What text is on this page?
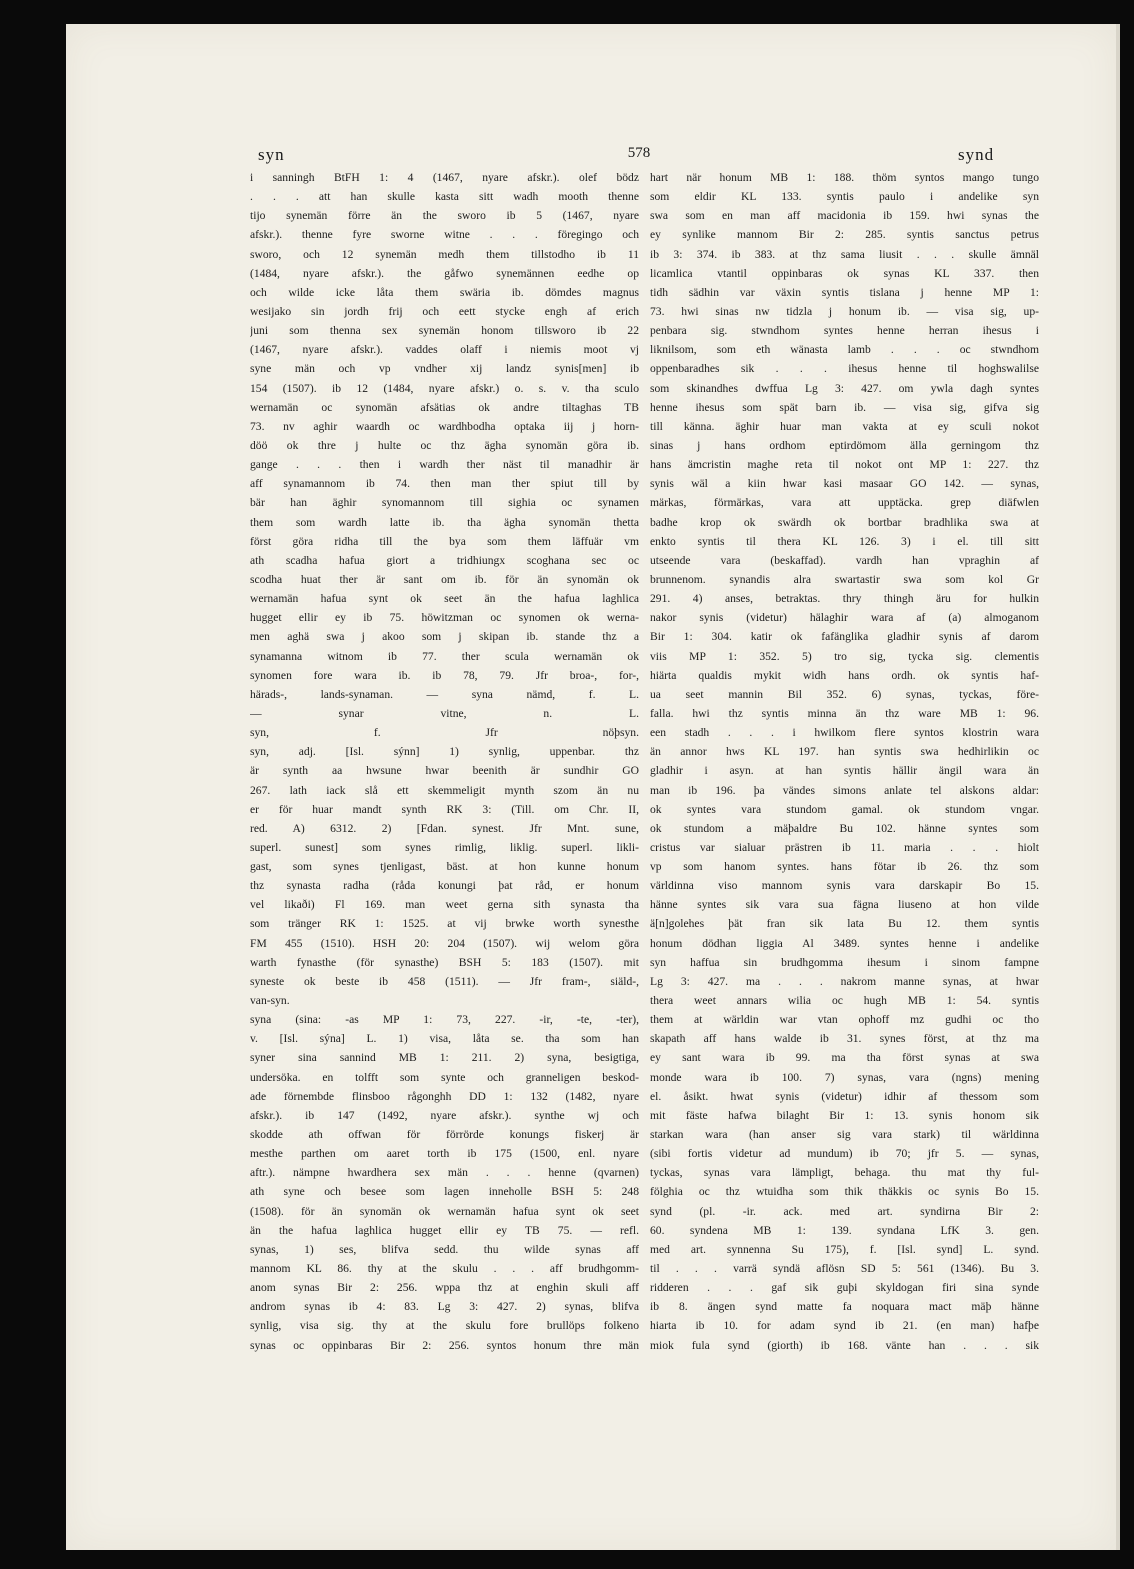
syn	578	synd
i sanningh BtFH 1: 4 (1467, nyare afskr.). olef bödz
. . . att han skulle kasta sitt wadh mooth thenne
tijo synemän förre än the sworo ib 5 (1467, nyare
afskr.). thenne fyre sworne witne . . . föregingo och
sworo, och 12 synemän medh them tillstodho ib 11
(1484, nyare afskr.). the gåfwo synemännen eedhe op
och wilde icke låta them swäria ib. dömdes magnus
wesijako sin jordh frij och eett stycke engh af erich
juni som thenna sex synemän honom tillsworo ib 22
(1467, nyare afskr.). vaddes olaff i niemis moot vj
syne män och vp vndher xij landz synis[men] ib
154 (1507). ib 12 (1484, nyare afskr.) o. s. v. tha sculo
wernamän oc synomän afsätias ok andre tiltaghas TB
73. nv aghir waardh oc wardhbodha optaka iij j horn-
döö ok thre j hulte oc thz ägha synomän göra ib.
gange . . . then i wardh ther näst til manadhir är
aff synamannom ib 74. then man ther spiut till by
bär han äghir synomannom till sighia oc synamen
them som wardh latte ib. tha ägha synomän thetta
först göra ridha till the bya som them läffuär vm
ath scadha hafua giort a tridhiungx scoghana sec oc
scodha huat ther är sant om ib. för än synomän ok
wernamän hafua synt ok seet än the hafua laghlica
hugget ellir ey ib 75. höwitzman oc synomen ok werna-
men aghä swa j akoo som j skipan ib. stande thz a
synamanna witnom ib 77. ther scula wernamän ok
synomen fore wara ib. ib 78, 79. Jfr broa-, for-,
härads-, lands-synaman. — syna nämd, f. L.
— synar vitne, n. L.
syn, f. Jfr nöþsyn.
syn, adj. [Isl. sýnn] 1) synlig, uppenbar. thz
är synth aa hwsune hwar beenith är sundhir GO
267. lath iack slå ett skemmeligit mynth szom än nu
er för huar mandt synth RK 3: (Till. om Chr. II,
red. A) 6312. 2) [Fdan. synest. Jfr Mnt. sune,
superl. sunest] som synes rimlig, liklig. superl. likli-
gast, som synes tjenligast, bäst. at hon kunne honum
thz synasta radha (råda konungi þat råd, er honum
vel likaði) Fl 169. man weet gerna sith synasta tha
som tränger RK 1: 1525. at vij brwke worth synesthe
FM 455 (1510). HSH 20: 204 (1507). wij welom göra
warth fynasthe (för synasthe) BSH 5: 183 (1507). mit
syneste ok beste ib 458 (1511). — Jfr fram-, siäld-,
van-syn.
syna (sina: -as MP 1: 73, 227. -ir, -te, -ter),
v. [Isl. sýna] L. 1) visa, låta se. tha som han
syner sina sannind MB 1: 211. 2) syna, besigtiga,
undersöka. en tolfft som synte och granneligen beskod-
ade förnembde flinsboo rågonghh DD 1: 132 (1482, nyare
afskr.). ib 147 (1492, nyare afskr.). synthe wj och
skodde ath offwan för förrörde konungs fiskerj är
mesthe parthen om aaret torth ib 175 (1500, enl. nyare
aftr.). nämpne hwardhera sex män . . . henne (qvarnen)
ath syne och besee som lagen inneholle BSH 5: 248
(1508). för än synomän ok wernamän hafua synt ok seet
än the hafua laghlica hugget ellir ey TB 75. — refl.
synas, 1) ses, blifva sedd. thu wilde synas aff
mannom KL 86. thy at the skulu . . . aff brudhgomm-
anom synas Bir 2: 256. wppa thz at enghin skuli aff
androm synas ib 4: 83. Lg 3: 427. 2) synas, blifva
synlig, visa sig. thy at the skulu fore brullöps folkeno
synas oc oppinbaras Bir 2: 256. syntos honum thre män
hart när honum MB 1: 188. thöm syntos mango tungo
som eldir KL 133. syntis paulo i andelike syn
swa som en man aff macidonia ib 159. hwi synas the
ey synlike mannom Bir 2: 285. syntis sanctus petrus
ib 3: 374. ib 383. at thz sama liusit . . . skulle ämnäl
licamlica vtantil oppinbaras ok synas KL 337. then
tidh sädhin var växin syntis tislana j henne MP 1:
73. hwi sinas nw tidzla j honum ib. — visa sig, up-
penbara sig. stwndhom syntes henne herran ihesus i
liknilsom, som eth wänasta lamb . . . oc stwndhom
oppenbaradhes sik . . . ihesus henne til hoghswalilse
som skinandhes dwffua Lg 3: 427. om ywla dagh syntes
henne ihesus som spät barn ib. — visa sig, gifva sig
till känna. äghir huar man vakta at ey sculi nokot
sinas j hans ordhom eptirdömom älla gerningom thz
hans ämcristin maghe reta til nokot ont MP 1: 227. thz
synis wäl a kiin hwar kasi masaar GO 142. — synas,
märkas, förmärkas, vara att upptäcka. grep diäfwlen
badhe krop ok swärdh ok bortbar bradhlika swa at
enkto syntis til thera KL 126. 3) i el. till sitt
utseende vara (beskaffad). vardh han vpraghin af
brunnenom. synandis alra swartastir swa som kol Gr
291. 4) anses, betraktas. thry thingh äru for hulkin
nakor synis (videtur) hälaghir wara af (a) almoganom
Bir 1: 304. katir ok fafänglika gladhir synis af darom
viis MP 1: 352. 5) tro sig, tycka sig. clementis
hiärta qualdis mykit widh hans ordh. ok syntis haf-
ua seet mannin Bil 352. 6) synas, tyckas, före-
falla. hwi thz syntis minna än thz ware MB 1: 96.
een stadh . . . i hwilkom flere syntos klostrin wara
än annor hws KL 197. han syntis swa hedhirlikin oc
gladhir i asyn. at han syntis hällir ängil wara än
man ib 196. þa vändes simons anlate tel alskons aldar:
ok syntes vara stundom gamal. ok stundom vngar.
ok stundom a mäþaldre Bu 102. hänne syntes som
cristus var sialuar prästren ib 11. maria . . . hiolt
vp som hanom syntes. hans fötar ib 26. thz som
världinna viso mannom synis vara darskapir Bo 15.
hänne syntes sik vara sua fägna liuseno at hon vilde
ä[n]golehes þät fran sik lata Bu 12. them syntis
honum dödhan liggia Al 3489. syntes henne i andelike
syn haffua sin brudhgomma ihesum i sinom fampne
Lg 3: 427. ma . . . nakrom manne synas, at hwar
thera weet annars wilia oc hugh MB 1: 54. syntis
them at wärldin war vtan ophoff mz gudhi oc tho
skapath aff hans walde ib 31. synes först, at thz ma
ey sant wara ib 99. ma tha först synas at swa
monde wara ib 100. 7) synas, vara (ngns) mening
el. åsikt. hwat synis (videtur) idhir af thessom som
mit fäste hafwa bilaght Bir 1: 13. synis honom sik
starkan wara (han anser sig vara stark) til wärldinna
(sibi fortis videtur ad mundum) ib 70; jfr 5. — synas,
tyckas, synas vara lämpligt, behaga. thu mat thy ful-
fölghia oc thz wtuidha som thik thäkkis oc synis Bo 15.
synd (pl. -ir. ack. med art. syndirna Bir 2:
60. syndena MB 1: 139. syndana LfK 3. gen.
med art. synnenna Su 175), f. [Isl. synd] L. synd.
til . . . varrä syndä aflösn SD 5: 561 (1346). Bu 3.
ridderen . . . gaf sik guþi skyldogan firi sina synde
ib 8. ängen synd matte fa noquara mact mäþ hänne
hiarta ib 10. for adam synd ib 21. (en man) hafþe
miok fula synd (giorth) ib 168. vänte han . . . sik
